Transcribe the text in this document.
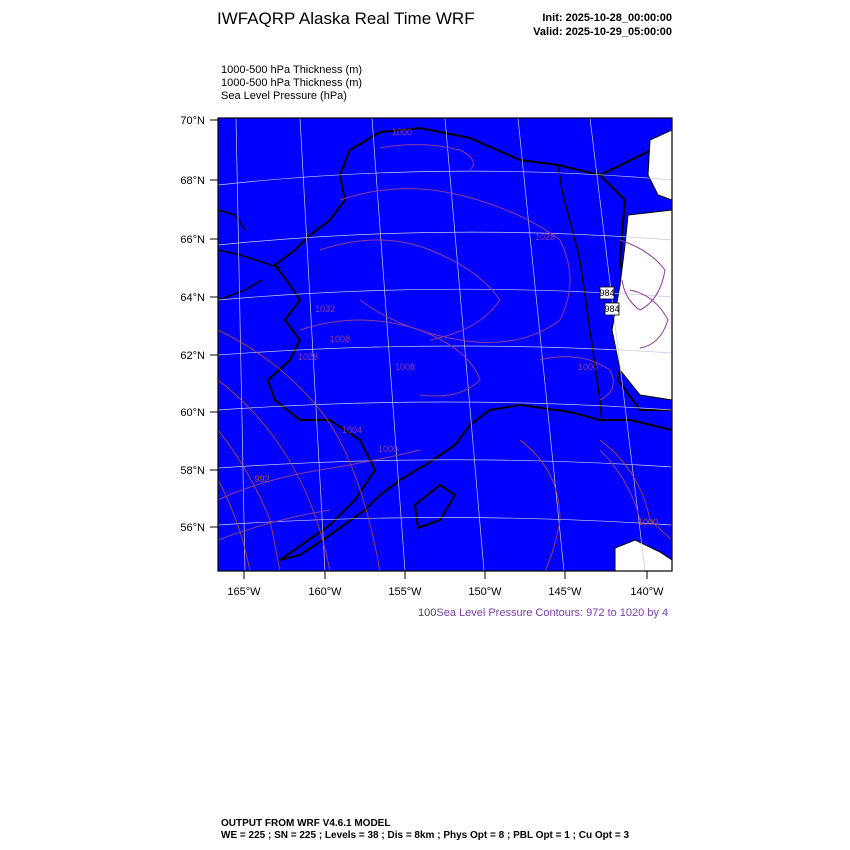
IWFAQRP Alaska Real Time WRF	Init: 2025-10-28_00:00:00
Valid: 2025-10-29_05:00:00
1000-500 hPa Thickness (m)
1000-500 hPa Thickness (m)
Sea Level Pressure (hPa)
70°N
68°N
66°N
64°N
62°N
60°N
58°N
56°N
165°W	160°W	155°W	150°W	145°W	140°W
1000
1028
1008
1008	1000
1000
992
1000
1028
1032
1004
984
984
100Sea Level Pressure Contours: 972 to 1020 by 4
OUTPUT FROM WRF V4.6.1 MODEL
WE = 225 ; SN = 225 ; Levels = 38 ; Dis = 8km ; Phys Opt = 8 ; PBL Opt = 1 ; Cu Opt = 3
